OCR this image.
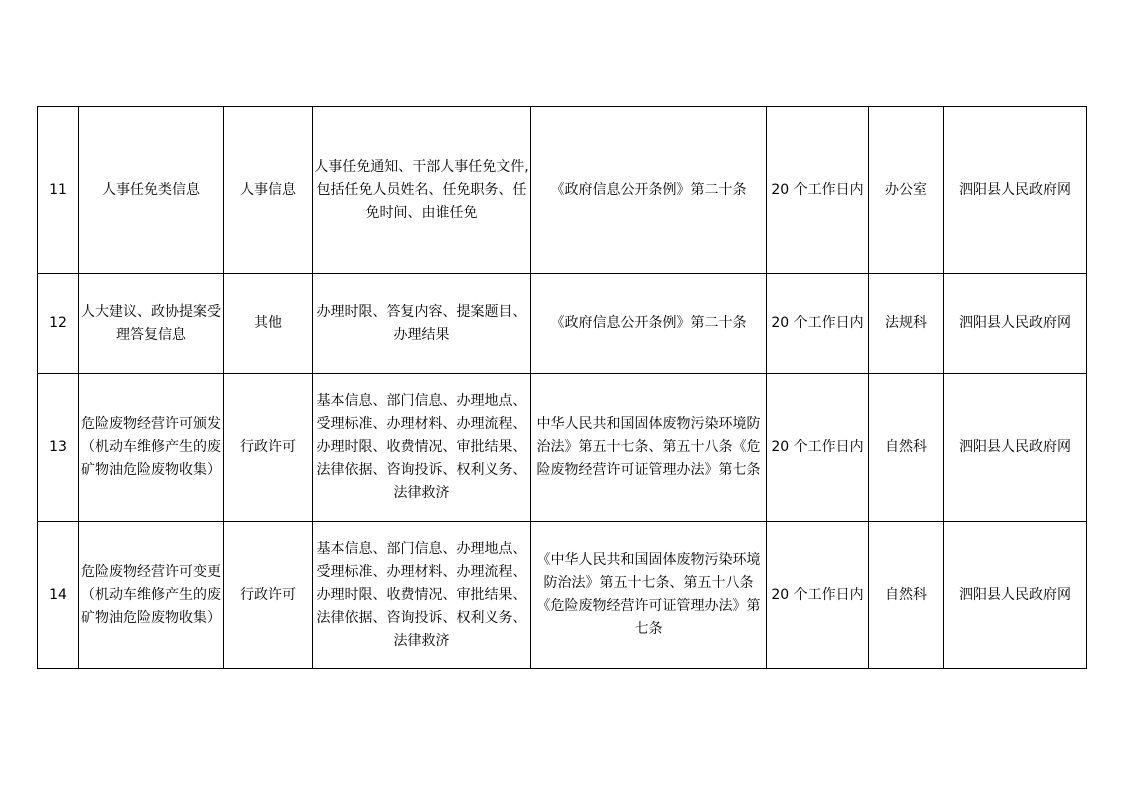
11	人事任免类信息	人事信息	人事任免通知、干部人事任免文件, 包括任免人员姓名、任免职务、任免时间、由谁任免	《政府信息公开条例》第二十条	20 个工作日内	办公室	泗阳县人民政府网
12	人大建议、政协提案受理答复信息	其他	办理时限、答复内容、提案题目、办理结果	《政府信息公开条例》第二十条	20 个工作日内	法规科	泗阳县人民政府网
13	危险废物经营许可颁发（机动车维修产生的废矿物油危险废物收集）	行政许可	基本信息、部门信息、办理地点、受理标准、办理材料、办理流程、办理时限、收费情况、审批结果、法律依据、咨询投诉、权利义务、法律救济	中华人民共和国固体废物污染环境防治法》第五十七条、第五十八条《危险废物经营许可证管理办法》第七条	20 个工作日内	自然科	泗阳县人民政府网
14	危险废物经营许可变更（机动车维修产生的废矿物油危险废物收集）	行政许可	基本信息、部门信息、办理地点、受理标准、办理材料、办理流程、办理时限、收费情况、审批结果、法律依据、咨询投诉、权利义务、法律救济	《中华人民共和国固体废物污染环境防治法》第五十七条、第五十八条《危险废物经营许可证管理办法》第七条	20 个工作日内	自然科	泗阳县人民政府网
